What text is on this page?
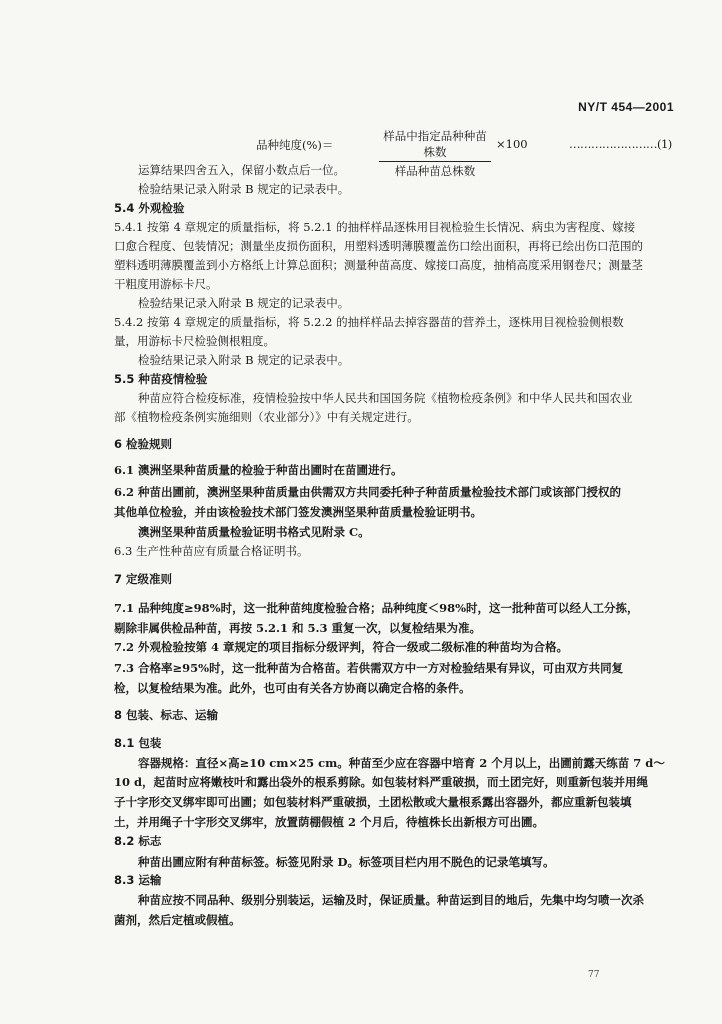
NY/T 454—2001
品种纯度(%)＝
样品中指定品种种苗株数
样品种苗总株数
×100	……………………(1)
运算结果四舍五入，保留小数点后一位。
检验结果记录入附录 B 规定的记录表中。
5.4 外观检验
5.4.1 按第 4 章规定的质量指标，将 5.2.1 的抽样样品逐株用目视检验生长情况、病虫为害程度、嫁接
口愈合程度、包装情况；测量坐皮损伤面积，用塑料透明薄膜覆盖伤口绘出面积，再将已绘出伤口范围的
塑料透明薄膜覆盖到小方格纸上计算总面积；测量种苗高度、嫁接口高度，抽梢高度采用钢卷尺；测量茎
干粗度用游标卡尺。
检验结果记录入附录 B 规定的记录表中。
5.4.2 按第 4 章规定的质量指标，将 5.2.2 的抽样样品去掉容器苗的营养土，逐株用目视检验侧根数
量，用游标卡尺检验侧根粗度。
检验结果记录入附录 B 规定的记录表中。
5.5 种苗疫情检验
种苗应符合检疫标准，疫情检验按中华人民共和国国务院《植物检疫条例》和中华人民共和国农业
部《植物检疫条例实施细则（农业部分）》中有关规定进行。
6 检验规则
6.1 澳洲坚果种苗质量的检验于种苗出圃时在苗圃进行。
6.2 种苗出圃前，澳洲坚果种苗质量由供需双方共同委托种子种苗质量检验技术部门或该部门授权的
其他单位检验，并由该检验技术部门签发澳洲坚果种苗质量检验证明书。
澳洲坚果种苗质量检验证明书格式见附录 C。
6.3 生产性种苗应有质量合格证明书。
7 定级准则
7.1 品种纯度≥98%时，这一批种苗纯度检验合格；品种纯度＜98%时，这一批种苗可以经人工分拣，
剔除非属供检品种苗，再按 5.2.1 和 5.3 重复一次，以复检结果为准。
7.2 外观检验按第 4 章规定的项目指标分级评判，符合一级或二级标准的种苗均为合格。
7.3 合格率≥95%时，这一批种苗为合格苗。若供需双方中一方对检验结果有异议，可由双方共同复
检，以复检结果为准。此外，也可由有关各方协商以确定合格的条件。
8 包装、标志、运输
8.1 包装
容器规格：直径×高≥10 cm×25 cm。种苗至少应在容器中培育 2 个月以上，出圃前露天练苗 7 d～
10 d，起苗时应将嫩枝叶和露出袋外的根系剪除。如包装材料严重破损，而土团完好，则重新包装并用绳
子十字形交叉绑牢即可出圃；如包装材料严重破损，土团松散或大量根系露出容器外，都应重新包装填
土，并用绳子十字形交叉绑牢，放置荫棚假植 2 个月后，待植株长出新根方可出圃。
8.2 标志
种苗出圃应附有种苗标签。标签见附录 D。标签项目栏内用不脱色的记录笔填写。
8.3 运输
种苗应按不同品种、级别分别装运，运输及时，保证质量。种苗运到目的地后，先集中均匀喷一次杀
菌剂，然后定植或假植。
77
